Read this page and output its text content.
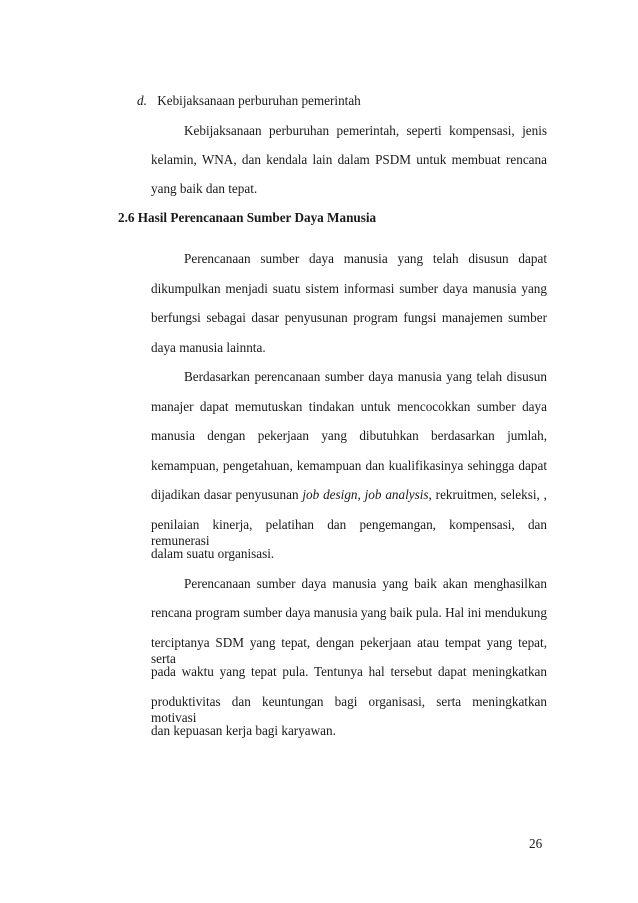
d. Kebijaksanaan perburuhan pemerintah
Kebijaksanaan perburuhan pemerintah, seperti kompensasi, jenis
kelamin, WNA, dan kendala lain dalam PSDM untuk membuat rencana
yang baik dan tepat.
2.6 Hasil Perencanaan Sumber Daya Manusia
Perencanaan sumber daya manusia yang telah disusun dapat
dikumpulkan menjadi suatu sistem informasi sumber daya manusia yang
berfungsi sebagai dasar penyusunan program fungsi manajemen sumber
daya manusia lainnta.
Berdasarkan perencanaan sumber daya manusia yang telah disusun
manajer dapat memutuskan tindakan untuk mencocokkan sumber daya
manusia dengan pekerjaan yang dibutuhkan berdasarkan jumlah,
kemampuan, pengetahuan, kemampuan dan kualifikasinya sehingga dapat
dijadikan dasar penyusunan job design, job analysis, rekruitmen, seleksi, ,
penilaian kinerja, pelatihan dan pengemangan, kompensasi, dan remunerasi
dalam suatu organisasi.
Perencanaan sumber daya manusia yang baik akan menghasilkan
rencana program sumber daya manusia yang baik pula. Hal ini mendukung
terciptanya SDM yang tepat, dengan pekerjaan atau tempat yang tepat, serta
pada waktu yang tepat pula. Tentunya hal tersebut dapat meningkatkan
produktivitas dan keuntungan bagi organisasi, serta meningkatkan motivasi
dan kepuasan kerja bagi karyawan.
26
